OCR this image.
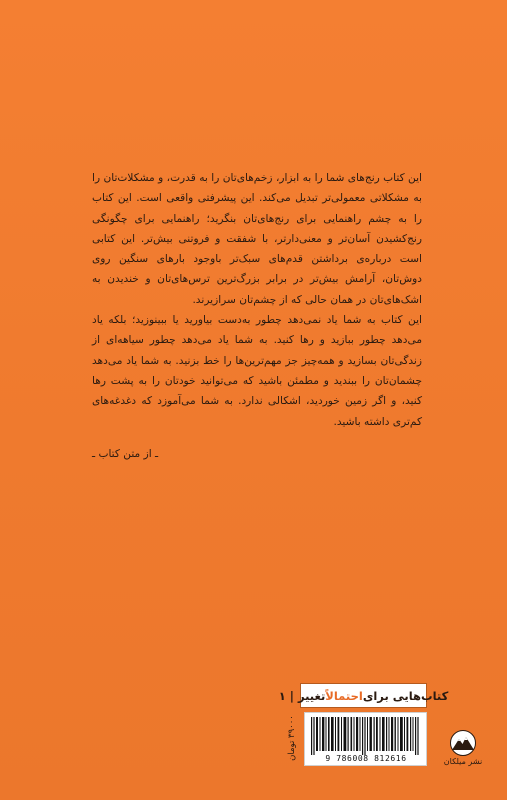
این کتاب رنج‌های شما را به ابزار، زخم‌های‌تان را به قدرت، و مشکلات‌تان را به مشکلاتی معمولی‌تر تبدیل می‌کند. این پیشرفتی واقعی است. این کتاب را به چشم راهنمایی برای رنج‌های‌تان بنگرید؛ راهنمایی برای چگونگی رنج‌کشیدن آسان‌تر و معنی‌دارتر، با شفقت و فروتنی بیش‌تر. این کتابی است درباره‌ی برداشتن قدم‌های سبک‌تر با‌وجود بارهای سنگین روی دوش‌تان، آرامش بیش‌تر در برابر بزرگ‌ترین ترس‌های‌تان و خندیدن به اشک‌های‌تان در همان حالی که از چشم‌تان سرازیرند.

این کتاب به شما یاد نمی‌دهد چطور به‌دست بیاورید یا ببینوزید؛ بلکه یاد می‌دهد چطور ببازید و رها کنید. به شما یاد می‌دهد چطور سیاهه‌ای از زندگی‌تان بسازید و همه‌چیز جز مهم‌ترین‌ها را خط بزنید. به شما یاد می‌دهد چشمان‌تان را ببندید و مطمئن باشید که می‌توانید خودتان را به پشت رها کنید، و اگر زمین خوردید، اشکالی ندارد. به شما می‌آموزد که دغدغه‌های کم‌تری داشته باشید.

ـ از متن کتاب ـ
کتاب‌هایی برای
احتمالاً
تغییر | ۱
۳۹۰۰۰ تومان
9 786008 812616	نشر میلکان
